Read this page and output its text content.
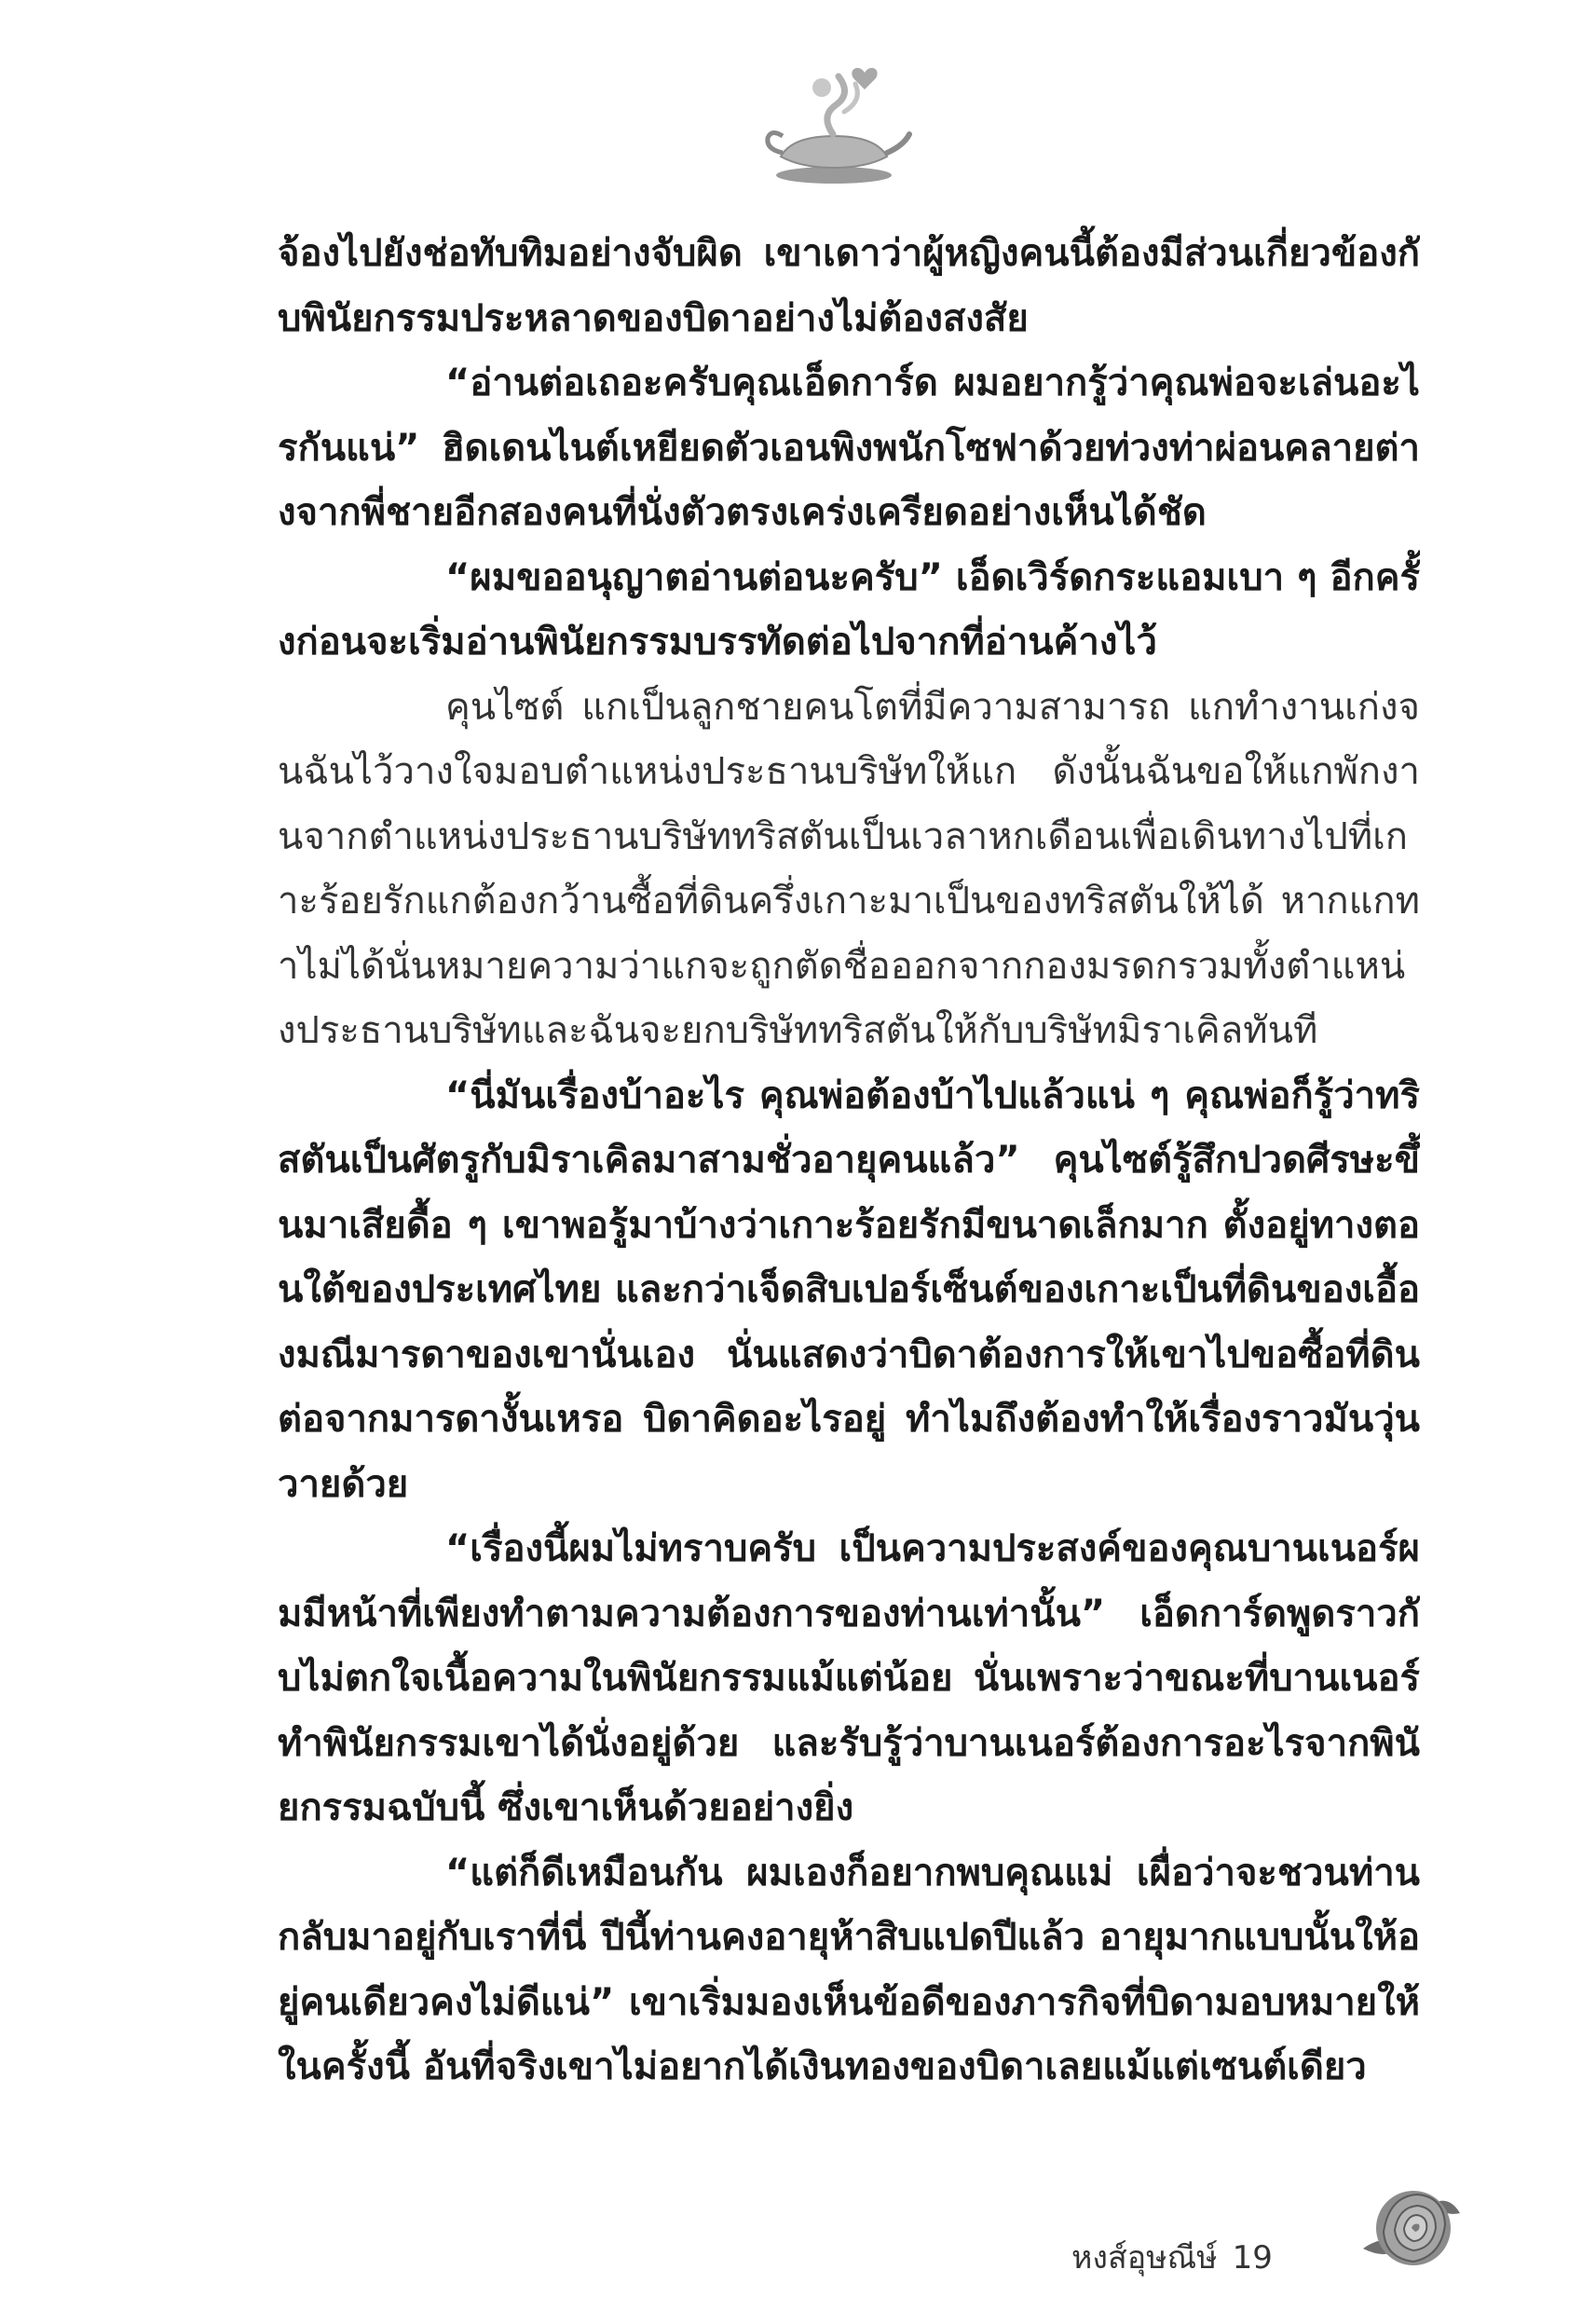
จ้องไปยังช่อทับทิมอย่างจับผิด เขาเดาว่าผู้หญิงคนนี้ต้องมีส่วนเกี่ยวข้องกับพินัยกรรมประหลาดของบิดาอย่างไม่ต้องสงสัย

“อ่านต่อเถอะครับคุณเอ็ดการ์ด ผมอยากรู้ว่าคุณพ่อจะเล่นอะไรกันแน่” ฮิดเดนไนต์เหยียดตัวเอนพิงพนักโซฟาด้วยท่วงท่าผ่อนคลายต่างจากพี่ชายอีกสองคนที่นั่งตัวตรงเคร่งเครียดอย่างเห็นได้ชัด

“ผมขออนุญาตอ่านต่อนะครับ” เอ็ดเวิร์ดกระแอมเบา ๆ อีกครั้งก่อนจะเริ่มอ่านพินัยกรรมบรรทัดต่อไปจากที่อ่านค้างไว้

คุนไซต์ แกเป็นลูกชายคนโตที่มีความสามารถ แกทำงานเก่งจนฉันไว้วางใจมอบตำแหน่งประธานบริษัทให้แก ดังนั้นฉันขอให้แกพักงานจากตำแหน่งประธานบริษัททริสตันเป็นเวลาหกเดือนเพื่อเดินทางไปที่เกาะร้อยรักแกต้องกว้านซื้อที่ดินครึ่งเกาะมาเป็นของทริสตันให้ได้ หากแกทำไม่ได้นั่นหมายความว่าแกจะถูกตัดชื่อออกจากกองมรดกรวมทั้งตำแหน่งประธานบริษัทและฉันจะยกบริษัททริสตันให้กับบริษัทมิราเคิลทันที

“นี่มันเรื่องบ้าอะไร คุณพ่อต้องบ้าไปแล้วแน่ ๆ คุณพ่อก็รู้ว่าทริสตันเป็นศัตรูกับมิราเคิลมาสามชั่วอายุคนแล้ว” คุนไซต์รู้สึกปวดศีรษะขึ้นมาเสียดื้อ ๆ เขาพอรู้มาบ้างว่าเกาะร้อยรักมีขนาดเล็กมาก ตั้งอยู่ทางตอนใต้ของประเทศไทย และกว่าเจ็ดสิบเปอร์เซ็นต์ของเกาะเป็นที่ดินของเอื้องมณีมารดาของเขานั่นเอง นั่นแสดงว่าบิดาต้องการให้เขาไปขอซื้อที่ดินต่อจากมารดางั้นเหรอ บิดาคิดอะไรอยู่ ทำไมถึงต้องทำให้เรื่องราวมันวุ่นวายด้วย

“เรื่องนี้ผมไม่ทราบครับ เป็นความประสงค์ของคุณบานเนอร์ผมมีหน้าที่เพียงทำตามความต้องการของท่านเท่านั้น” เอ็ดการ์ดพูดราวกับไม่ตกใจเนื้อความในพินัยกรรมแม้แต่น้อย นั่นเพราะว่าขณะที่บานเนอร์ทำพินัยกรรมเขาได้นั่งอยู่ด้วย และรับรู้ว่าบานเนอร์ต้องการอะไรจากพินัยกรรมฉบับนี้ ซึ่งเขาเห็นด้วยอย่างยิ่ง

“แต่ก็ดีเหมือนกัน ผมเองก็อยากพบคุณแม่ เผื่อว่าจะชวนท่านกลับมาอยู่กับเราที่นี่ ปีนี้ท่านคงอายุห้าสิบแปดปีแล้ว อายุมากแบบนั้นให้อยู่คนเดียวคงไม่ดีแน่” เขาเริ่มมองเห็นข้อดีของภารกิจที่บิดามอบหมายให้ในครั้งนี้ อันที่จริงเขาไม่อยากได้เงินทองของบิดาเลยแม้แต่เซนต์เดียว

หงส์อุษณีษ์ 19
